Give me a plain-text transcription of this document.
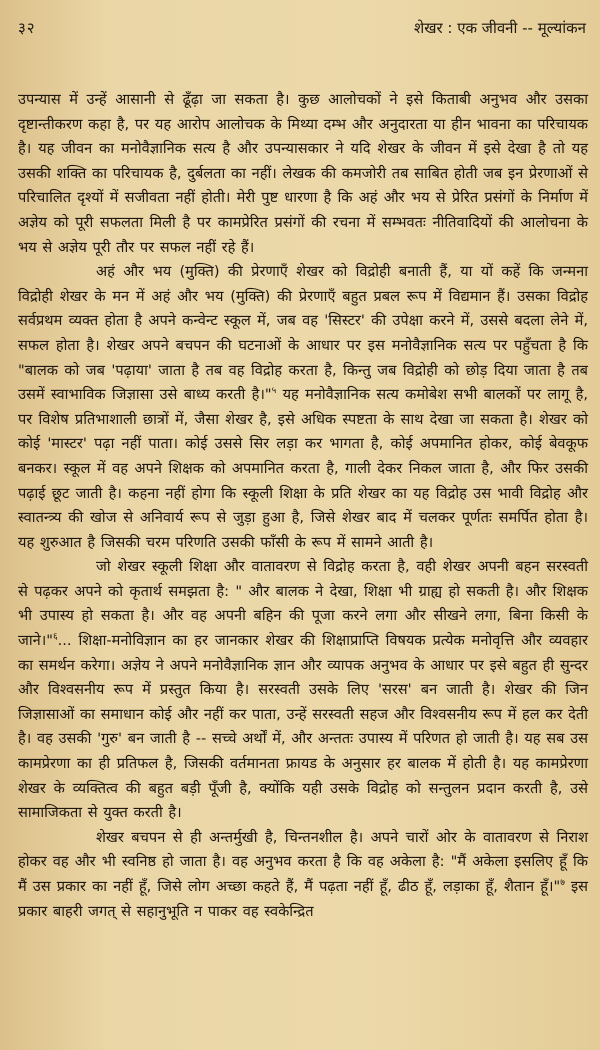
३२	शेखर : एक जीवनी -- मूल्यांकन

उपन्यास में उन्हें आसानी से ढूँढ़ा जा सकता है। कुछ आलोचकों ने इसे किताबी अनुभव और उसका दृष्टान्तीकरण कहा है, पर यह आरोप आलोचक के मिथ्या दम्भ और अनुदारता या हीन भावना का परिचायक है। यह जीवन का मनोवैज्ञानिक सत्य है और उपन्यासकार ने यदि शेखर के जीवन में इसे देखा है तो यह उसकी शक्ति का परिचायक है, दुर्बलता का नहीं। लेखक की कमजोरी तब साबित होती जब इन प्रेरणाओं से परिचालित दृश्यों में सजीवता नहीं होती। मेरी पुष्ट धारणा है कि अहं और भय से प्रेरित प्रसंगों के निर्माण में अज्ञेय को पूरी सफलता मिली है पर कामप्रेरित प्रसंगों की रचना में सम्भवतः नीतिवादियों की आलोचना के भय से अज्ञेय पूरी तौर पर सफल नहीं रहे हैं।

अहं और भय (मुक्ति) की प्रेरणाएँ शेखर को विद्रोही बनाती हैं, या यों कहें कि जन्मना विद्रोही शेखर के मन में अहं और भय (मुक्ति) की प्रेरणाएँ बहुत प्रबल रूप में विद्यमान हैं। उसका विद्रोह सर्वप्रथम व्यक्त होता है अपने कन्वेन्ट स्कूल में, जब वह 'सिस्टर' की उपेक्षा करने में, उससे बदला लेने में, सफल होता है। शेखर अपने बचपन की घटनाओं के आधार पर इस मनोवैज्ञानिक सत्य पर पहुँचता है कि "बालक को जब 'पढ़ाया' जाता है तब वह विद्रोह करता है, किन्तु जब विद्रोही को छोड़ दिया जाता है तब उसमें स्वाभाविक जिज्ञासा उसे बाध्य करती है।"$^५$ यह मनोवैज्ञानिक सत्य कमोबेश सभी बालकों पर लागू है, पर विशेष प्रतिभाशाली छात्रों में, जैसा शेखर है, इसे अधिक स्पष्टता के साथ देखा जा सकता है। शेखर को कोई 'मास्टर' पढ़ा नहीं पाता। कोई उससे सिर लड़ा कर भागता है, कोई अपमानित होकर, कोई बेवकूफ बनकर। स्कूल में वह अपने शिक्षक को अपमानित करता है, गाली देकर निकल जाता है, और फिर उसकी पढ़ाई छूट जाती है। कहना नहीं होगा कि स्कूली शिक्षा के प्रति शेखर का यह विद्रोह उस भावी विद्रोह और स्वातन्त्र्य की खोज से अनिवार्य रूप से जुड़ा हुआ है, जिसे शेखर बाद में चलकर पूर्णतः समर्पित होता है। यह शुरुआत है जिसकी चरम परिणति उसकी फाँसी के रूप में सामने आती है।

जो शेखर स्कूली शिक्षा और वातावरण से विद्रोह करता है, वही शेखर अपनी बहन सरस्वती से पढ़कर अपने को कृतार्थ समझता है: " और बालक ने देखा, शिक्षा भी ग्राह्य हो सकती है। और शिक्षक भी उपास्य हो सकता है। और वह अपनी बहिन की पूजा करने लगा और सीखने लगा, बिना किसी के जाने।"$^६$... शिक्षा-मनोविज्ञान का हर जानकार शेखर की शिक्षाप्राप्ति विषयक प्रत्येक मनोवृत्ति और व्यवहार का समर्थन करेगा। अज्ञेय ने अपने मनोवैज्ञानिक ज्ञान और व्यापक अनुभव के आधार पर इसे बहुत ही सुन्दर और विश्वसनीय रूप में प्रस्तुत किया है। सरस्वती उसके लिए 'सरस' बन जाती है। शेखर की जिन जिज्ञासाओं का समाधान कोई और नहीं कर पाता, उन्हें सरस्वती सहज और विश्वसनीय रूप में हल कर देती है। वह उसकी 'गुरु' बन जाती है -- सच्चे अर्थों में, और अन्ततः उपास्य में परिणत हो जाती है। यह सब उस कामप्रेरणा का ही प्रतिफल है, जिसकी वर्तमानता फ्रायड के अनुसार हर बालक में होती है। यह कामप्रेरणा शेखर के व्यक्तित्व की बहुत बड़ी पूँजी है, क्योंकि यही उसके विद्रोह को सन्तुलन प्रदान करती है, उसे सामाजिकता से युक्त करती है।

शेखर बचपन से ही अन्तर्मुखी है, चिन्तनशील है। अपने चारों ओर के वातावरण से निराश होकर वह और भी स्वनिष्ठ हो जाता है। वह अनुभव करता है कि वह अकेला है: "मैं अकेला इसलिए हूँ कि मैं उस प्रकार का नहीं हूँ, जिसे लोग अच्छा कहते हैं, मैं पढ़ता नहीं हूँ, ढीठ हूँ, लड़ाका हूँ, शैतान हूँ।"$^७$ इस प्रकार बाहरी जगत् से सहानुभूति न पाकर वह स्वकेन्द्रित
